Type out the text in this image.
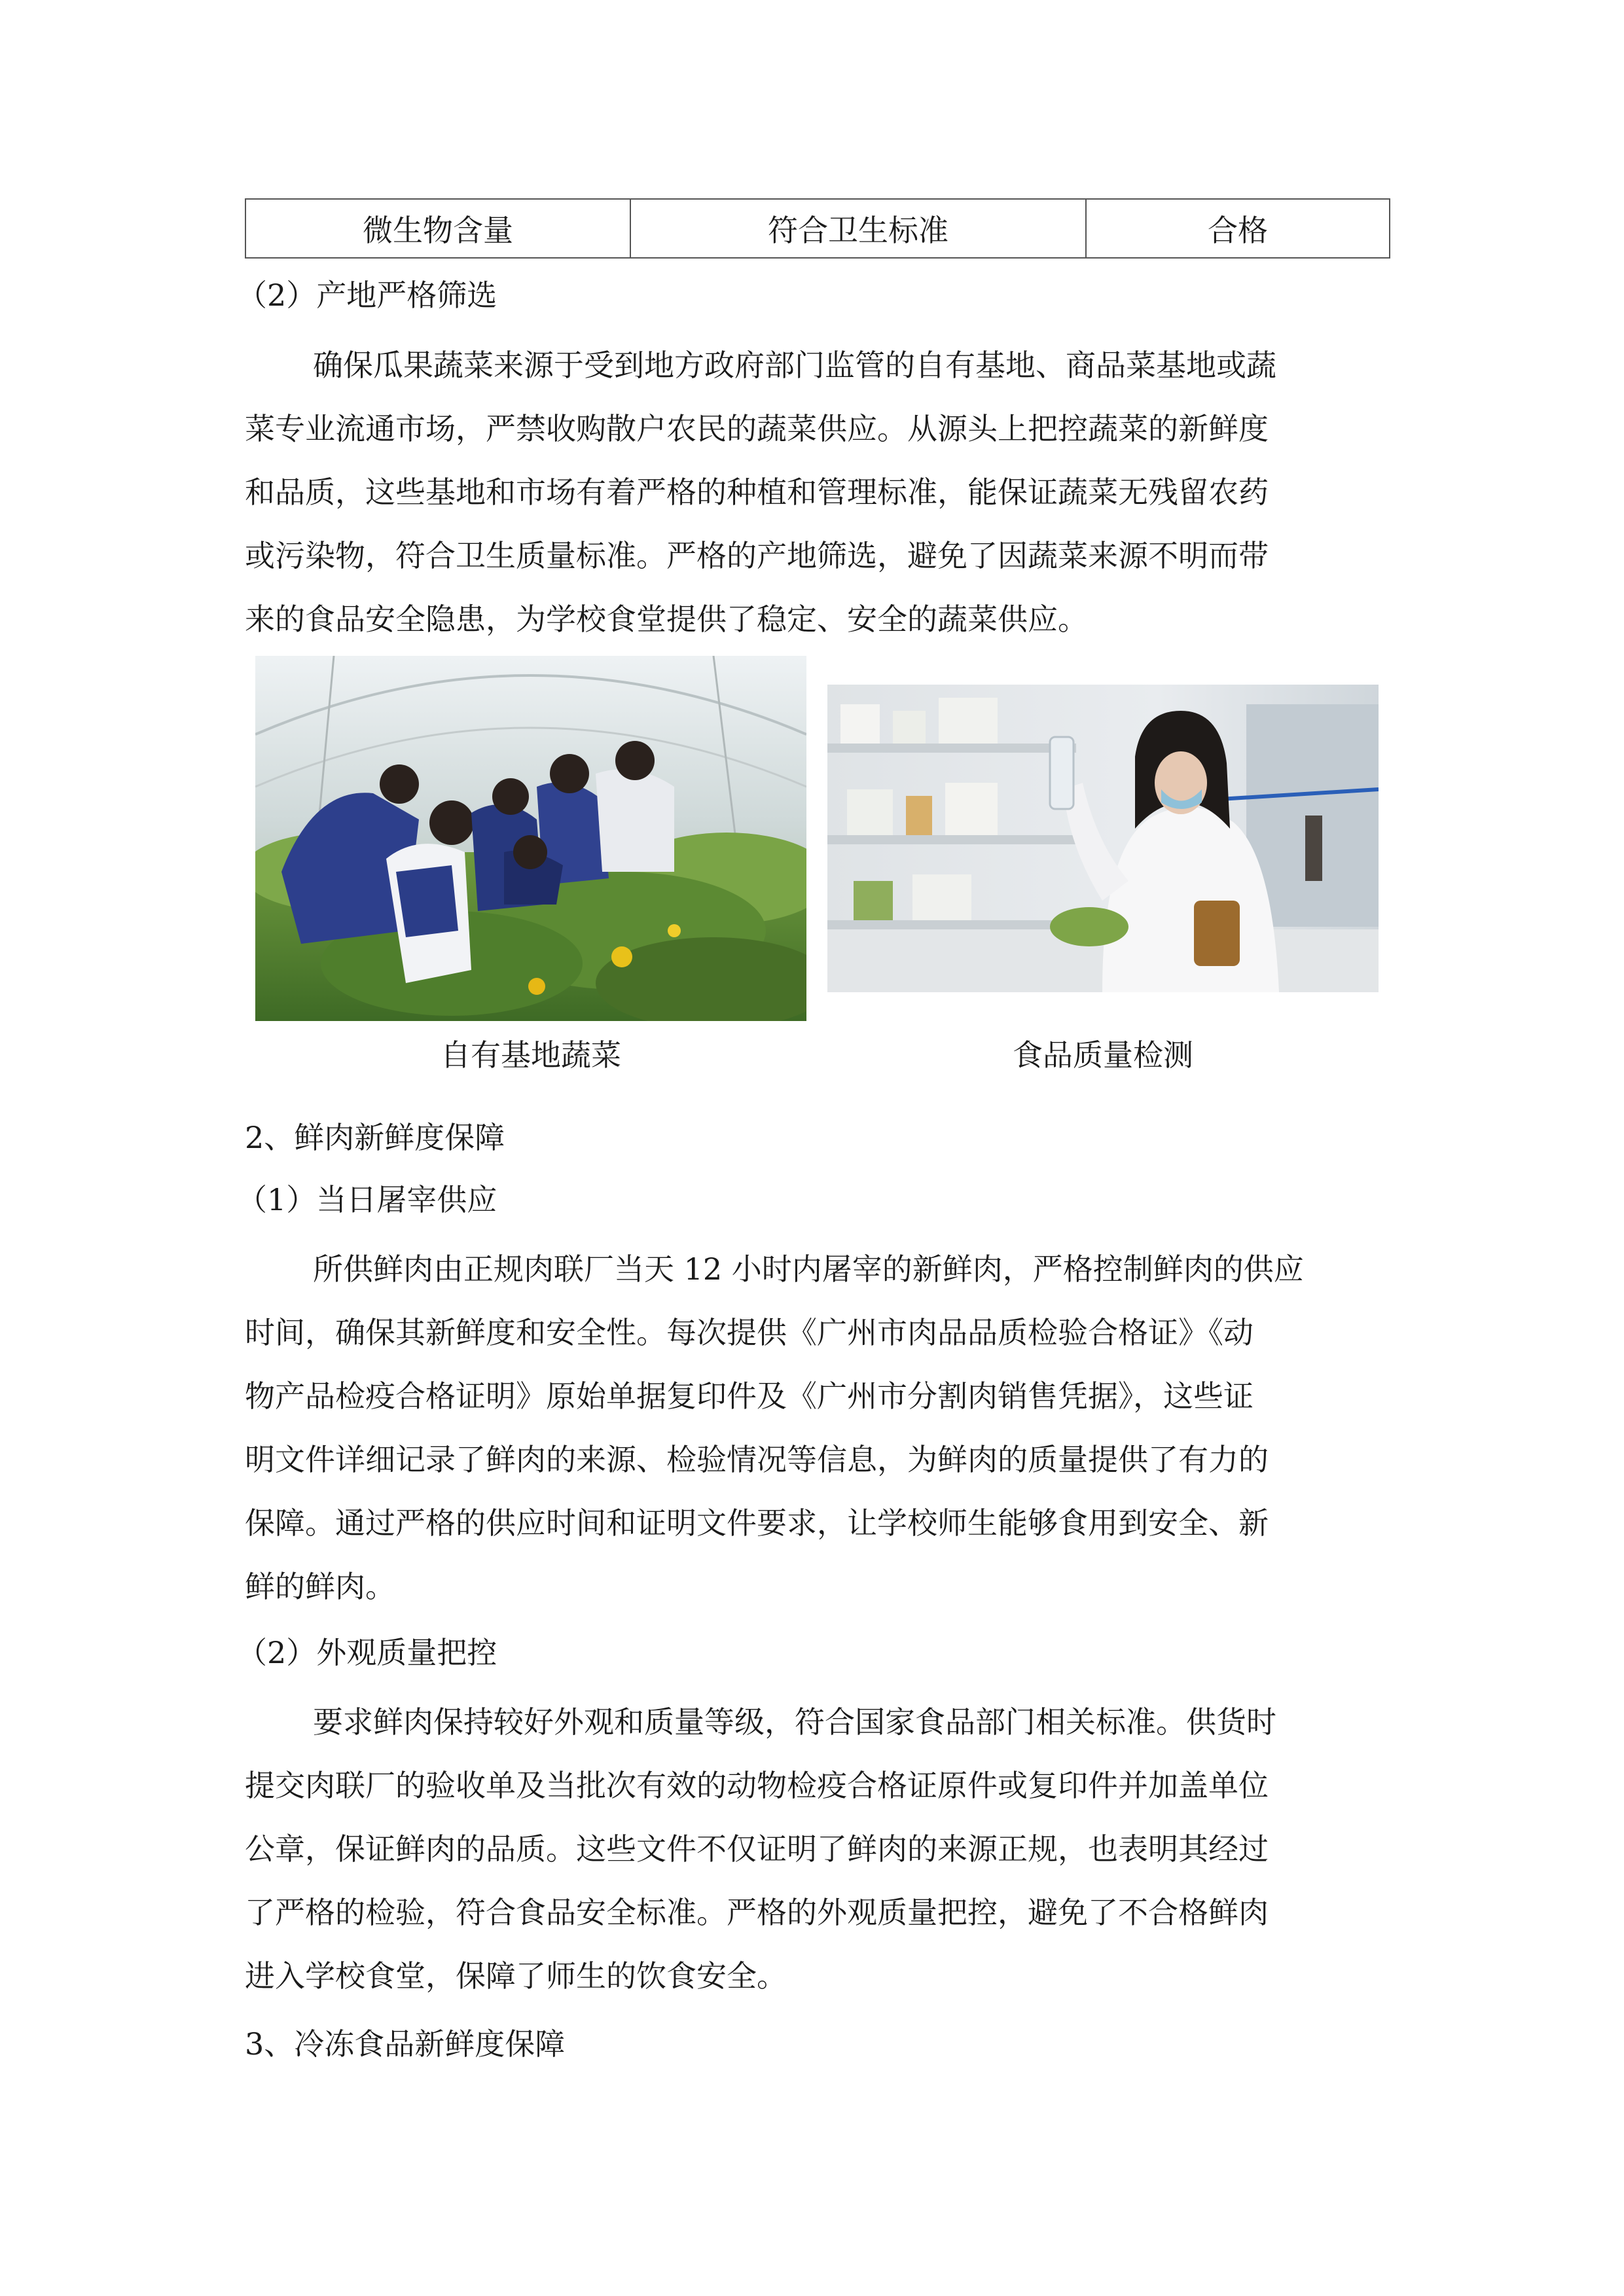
微生物含量	符合卫生标准	合格
（2）产地严格筛选
确保瓜果蔬菜来源于受到地方政府部门监管的自有基地、商品菜基地或蔬
菜专业流通市场，严禁收购散户农民的蔬菜供应。从源头上把控蔬菜的新鲜度
和品质，这些基地和市场有着严格的种植和管理标准，能保证蔬菜无残留农药
或污染物，符合卫生质量标准。严格的产地筛选，避免了因蔬菜来源不明而带
来的食品安全隐患，为学校食堂提供了稳定、安全的蔬菜供应。
自有基地蔬菜	食品质量检测
2、鲜肉新鲜度保障
（1）当日屠宰供应
所供鲜肉由正规肉联厂当天 12 小时内屠宰的新鲜肉，严格控制鲜肉的供应
时间，确保其新鲜度和安全性。每次提供《广州市肉品品质检验合格证》《动
物产品检疫合格证明》原始单据复印件及《广州市分割肉销售凭据》，这些证
明文件详细记录了鲜肉的来源、检验情况等信息，为鲜肉的质量提供了有力的
保障。通过严格的供应时间和证明文件要求，让学校师生能够食用到安全、新
鲜的鲜肉。
（2）外观质量把控
要求鲜肉保持较好外观和质量等级，符合国家食品部门相关标准。供货时
提交肉联厂的验收单及当批次有效的动物检疫合格证原件或复印件并加盖单位
公章，保证鲜肉的品质。这些文件不仅证明了鲜肉的来源正规，也表明其经过
了严格的检验，符合食品安全标准。严格的外观质量把控，避免了不合格鲜肉
进入学校食堂，保障了师生的饮食安全。
3、冷冻食品新鲜度保障
